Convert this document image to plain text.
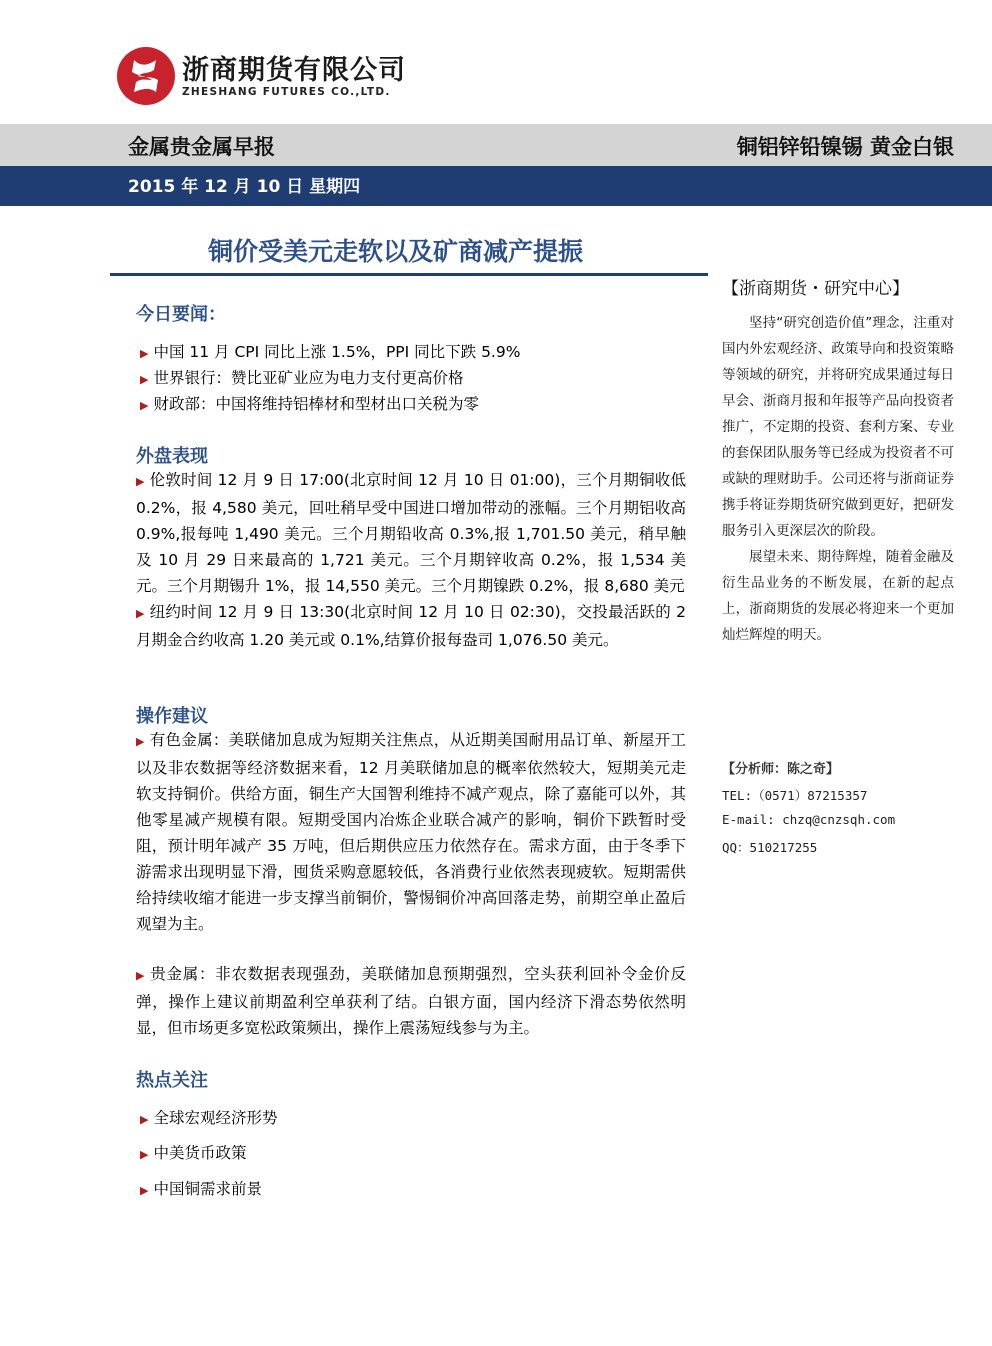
浙商期货有限公司
ZHESHANG FUTURES CO.,LTD.
金属贵金属早报	铜铝锌铅镍锡 黄金白银
2015 年 12 月 10 日 星期四
铜价受美元走软以及矿商减产提振
今日要闻：
▶ 中国 11 月 CPI 同比上涨 1.5%，PPI 同比下跌 5.9%
▶ 世界银行：赞比亚矿业应为电力支付更高价格
▶ 财政部：中国将维持铝棒材和型材出口关税为零
外盘表现

▶ 伦敦时间 12 月 9 日 17:00(北京时间 12 月 10 日 01:00)，三个月期铜收低 0.2%，报 4,580 美元，回吐稍早受中国进口增加带动的涨幅。三个月期铝收高 0.9%,报每吨 1,490 美元。三个月期铅收高 0.3%,报 1,701.50 美元，稍早触及 10 月 29 日来最高的 1,721 美元。三个月期锌收高 0.2%，报 1,534 美元。三个月期锡升 1%，报 14,550 美元。三个月期镍跌 0.2%，报 8,680 美元

▶ 纽约时间 12 月 9 日 13:30(北京时间 12 月 10 日 02:30)，交投最活跃的 2 月期金合约收高 1.20 美元或 0.1%,结算价报每盎司 1,076.50 美元。

操作建议
▶ 有色金属：美联储加息成为短期关注焦点，从近期美国耐用品订单、新屋开工以及非农数据等经济数据来看，12 月美联储加息的概率依然较大，短期美元走软支持铜价。供给方面，铜生产大国智利维持不减产观点，除了嘉能可以外，其他零星减产规模有限。短期受国内冶炼企业联合减产的影响，铜价下跌暂时受阻，预计明年减产 35 万吨，但后期供应压力依然存在。需求方面，由于冬季下游需求出现明显下滑，囤货采购意愿较低，各消费行业依然表现疲软。短期需供给持续收缩才能进一步支撑当前铜价，警惕铜价冲高回落走势，前期空单止盈后观望为主。
▶ 贵金属：非农数据表现强劲，美联储加息预期强烈，空头获利回补令金价反弹，操作上建议前期盈利空单获利了结。白银方面，国内经济下滑态势依然明显，但市场更多宽松政策频出，操作上震荡短线参与为主。
热点关注
▶ 全球宏观经济形势
▶ 中美货币政策
▶ 中国铜需求前景
【浙商期货・研究中心】

坚持“研究创造价值”理念，注重对国内外宏观经济、政策导向和投资策略等领域的研究，并将研究成果通过每日早会、浙商月报和年报等产品向投资者推广，不定期的投资、套利方案、专业的套保团队服务等已经成为投资者不可或缺的理财助手。公司还将与浙商证券携手将证券期货研究做到更好，把研发服务引入更深层次的阶段。

展望未来、期待辉煌，随着金融及衍生品业务的不断发展，在新的起点上，浙商期货的发展必将迎来一个更加灿烂辉煌的明天。

【分析师：陈之奇】
TEL:（0571）87215357
E-mail: chzq@cnzsqh.com
QQ：510217255
